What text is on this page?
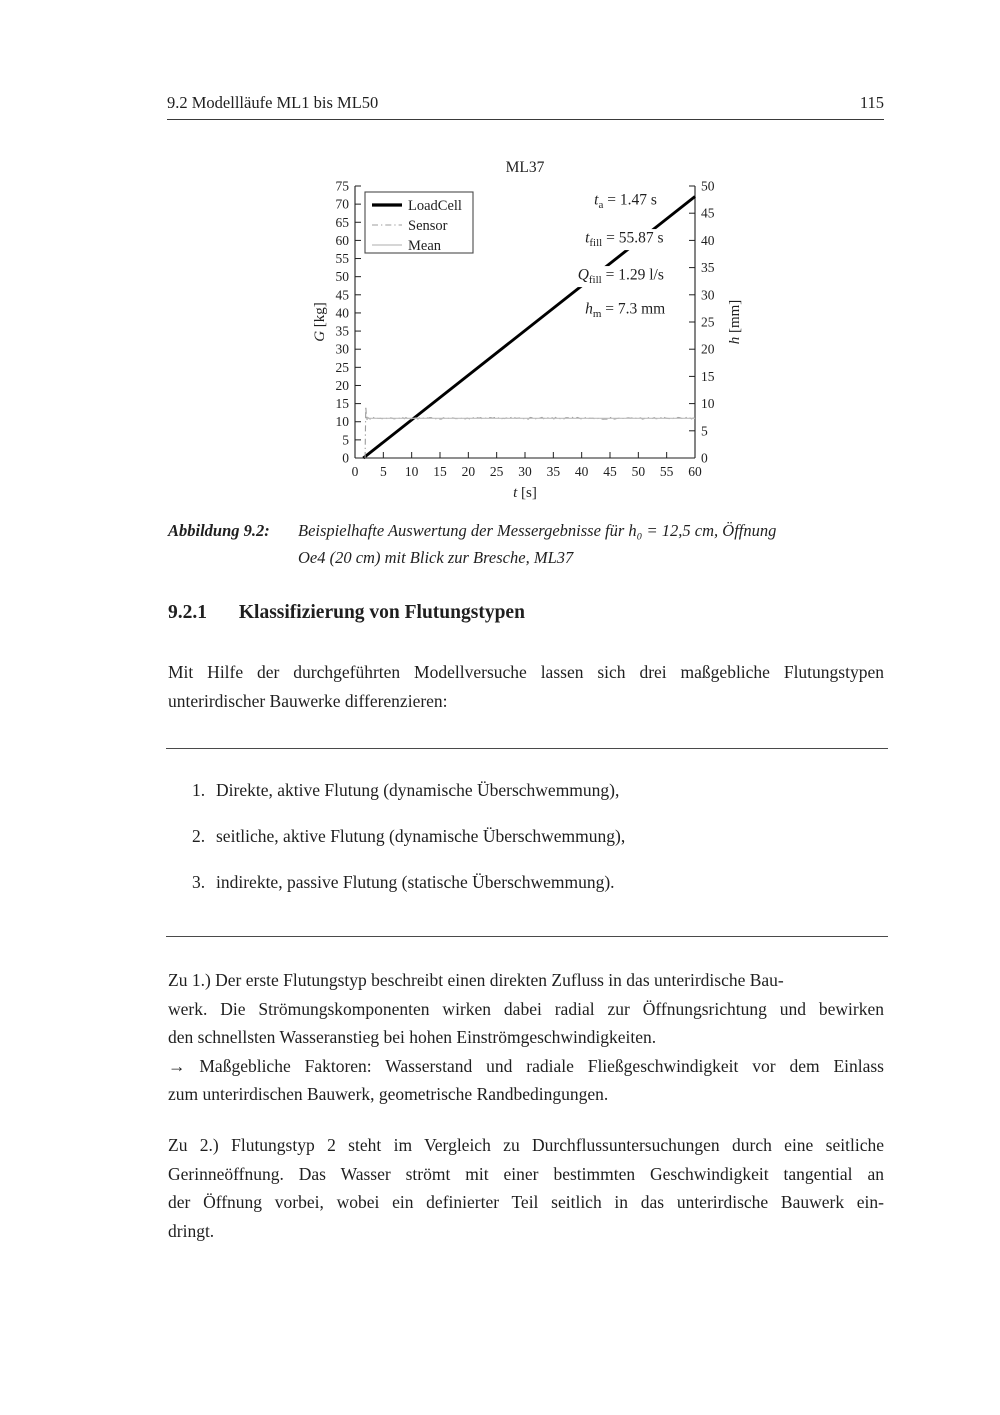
9.2 Modellläufe ML1 bis ML50	115
ML37
0
5
10
15
20
25
30
35
40
45
50
55
60
65
70
75
0
5
10
15
20
25
30
35
40
45
50
0 5 10 15 20 25 30 35 40 45 50 55 60
G [kg]
h [mm]
t [s]
$t_a = 1.47$ s
$t_{fill} = 55.87$ s
$Q_{fill} = 1.29$ l/s
$h_m = 7.3$ mm
LoadCell
Sensor
Mean
Abbildung 9.2: Beispielhafte Auswertung der Messergebnisse für h₀ = 12,5 cm, Öffnung
Oe4 (20 cm) mit Blick zur Bresche, ML37
9.2.1 Klassifizierung von Flutungstypen
Mit Hilfe der durchgeführten Modellversuche lassen sich drei maßgebliche Flutungstypen
unterirdischer Bauwerke differenzieren:
1. Direkte, aktive Flutung (dynamische Überschwemmung),
2. seitliche, aktive Flutung (dynamische Überschwemmung),
3. indirekte, passive Flutung (statische Überschwemmung).
Zu 1.) Der erste Flutungstyp beschreibt einen direkten Zufluss in das unterirdische Bau-
werk. Die Strömungskomponenten wirken dabei radial zur Öffnungsrichtung und bewirken
den schnellsten Wasseranstieg bei hohen Einströmgeschwindigkeiten.
→ Maßgebliche Faktoren: Wasserstand und radiale Fließgeschwindigkeit vor dem Einlass
zum unterirdischen Bauwerk, geometrische Randbedingungen.
Zu 2.) Flutungstyp 2 steht im Vergleich zu Durchflussuntersuchungen durch eine seitliche
Gerinneöffnung. Das Wasser strömt mit einer bestimmten Geschwindigkeit tangential an
der Öffnung vorbei, wobei ein definierter Teil seitlich in das unterirdische Bauwerk ein-
dringt.
